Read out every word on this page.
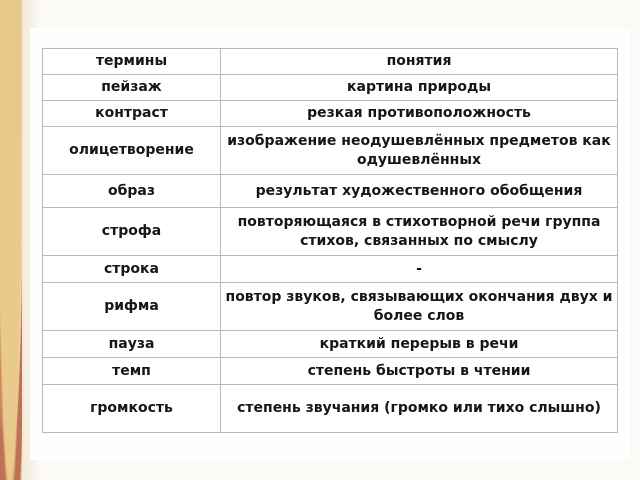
термины	понятия
пейзаж	картина природы
контраст	резкая противоположность
олицетворение	изображение неодушевлённых предметов как одушевлённых
образ	результат художественного обобщения
строфа	повторяющаяся в стихотворной речи группа стихов, связанных по смыслу
строка	-
рифма	повтор звуков, связывающих окончания двух и более слов
пауза	краткий перерыв в речи
темп	степень быстроты в чтении
громкость	степень звучания (громко или тихо слышно)
